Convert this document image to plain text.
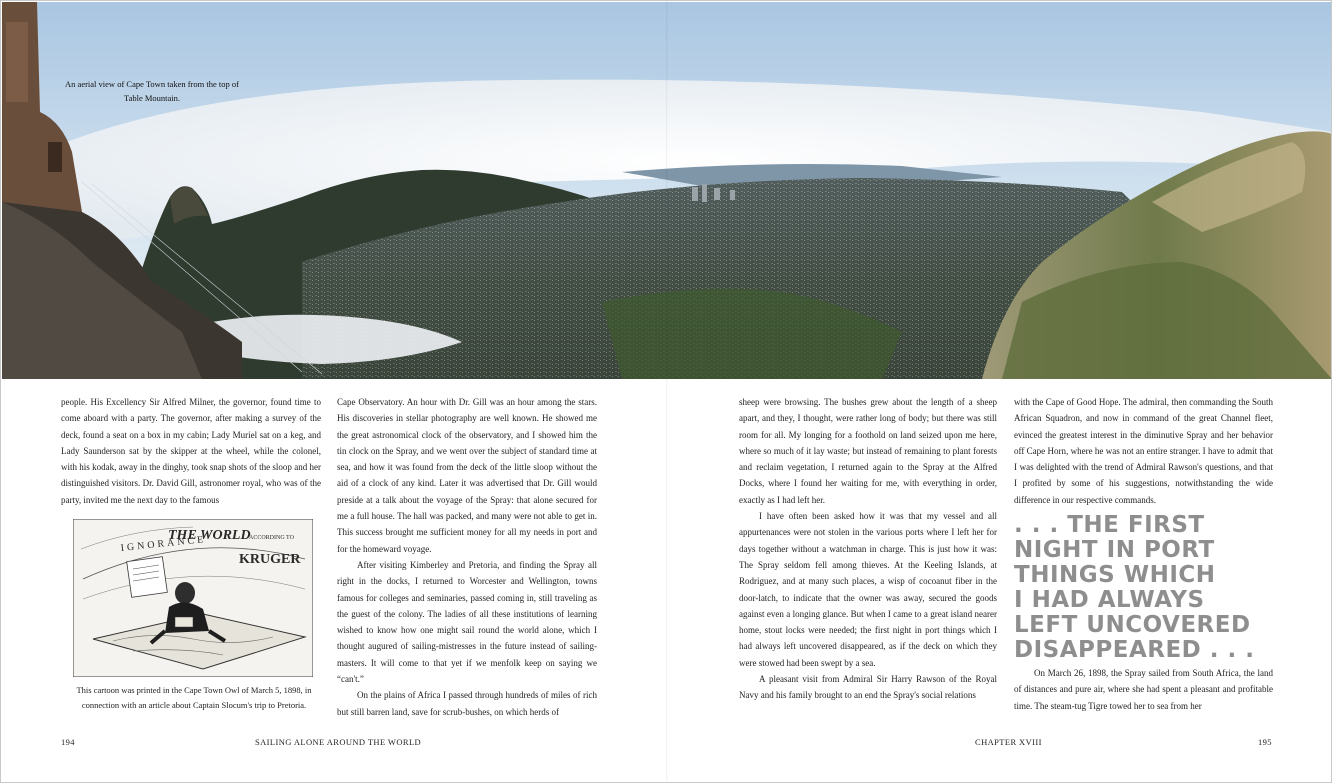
An aerial view of Cape Town taken from the top of Table Mountain.

people. His Excellency Sir Alfred Milner, the governor, found time to come aboard with a party. The governor, after making a survey of the deck, found a seat on a box in my cabin; Lady Muriel sat on a keg, and Lady Saunderson sat by the skipper at the wheel, while the colonel, with his kodak, away in the dinghy, took snap shots of the sloop and her distinguished visitors. Dr. David Gill, astronomer royal, who was of the party, invited me the next day to the famous

THE WORLD
ACCORDING TO
KRUGER
IGNORANCE
This cartoon was printed in the Cape Town Owl of March 5, 1898, in connection with an article about Captain Slocum's trip to Pretoria.

Cape Observatory. An hour with Dr. Gill was an hour among the stars. His discoveries in stellar photography are well known. He showed me the great astronomical clock of the observatory, and I showed him the tin clock on the Spray, and we went over the subject of standard time at sea, and how it was found from the deck of the little sloop without the aid of a clock of any kind. Later it was advertised that Dr. Gill would preside at a talk about the voyage of the Spray: that alone secured for me a full house. The hall was packed, and many were not able to get in. This success brought me sufficient money for all my needs in port and for the homeward voyage.

After visiting Kimberley and Pretoria, and finding the Spray all right in the docks, I returned to Worcester and Wellington, towns famous for colleges and seminaries, passed coming in, still traveling as the guest of the colony. The ladies of all these institutions of learning wished to know how one might sail round the world alone, which I thought augured of sailing-mistresses in the future instead of sailing-masters. It will come to that yet if we menfolk keep on saying we “can't.”

On the plains of Africa I passed through hundreds of miles of rich but still barren land, save for scrub-bushes, on which herds of

sheep were browsing. The bushes grew about the length of a sheep apart, and they, I thought, were rather long of body; but there was still room for all. My longing for a foothold on land seized upon me here, where so much of it lay waste; but instead of remaining to plant forests and reclaim vegetation, I returned again to the Spray at the Alfred Docks, where I found her waiting for me, with everything in order, exactly as I had left her.

I have often been asked how it was that my vessel and all appurtenances were not stolen in the various ports where I left her for days together without a watchman in charge. This is just how it was: The Spray seldom fell among thieves. At the Keeling Islands, at Rodriguez, and at many such places, a wisp of cocoanut fiber in the door-latch, to indicate that the owner was away, secured the goods against even a longing glance. But when I came to a great island nearer home, stout locks were needed; the first night in port things which I had always left uncovered disappeared, as if the deck on which they were stowed had been swept by a sea.

A pleasant visit from Admiral Sir Harry Rawson of the Royal Navy and his family brought to an end the Spray's social relations

with the Cape of Good Hope. The admiral, then commanding the South African Squadron, and now in command of the great Channel fleet, evinced the greatest interest in the diminutive Spray and her behavior off Cape Horn, where he was not an entire stranger. I have to admit that I was delighted with the trend of Admiral Rawson's questions, and that I profited by some of his suggestions, notwithstanding the wide difference in our respective commands.

. . . THE FIRST
NIGHT IN PORT
THINGS WHICH
I HAD ALWAYS
LEFT UNCOVERED
DISAPPEARED . . .

On March 26, 1898, the Spray sailed from South Africa, the land of distances and pure air, where she had spent a pleasant and profitable time. The steam-tug Tigre towed her to sea from her

194	SAILING ALONE AROUND THE WORLD	CHAPTER XVIII	195
